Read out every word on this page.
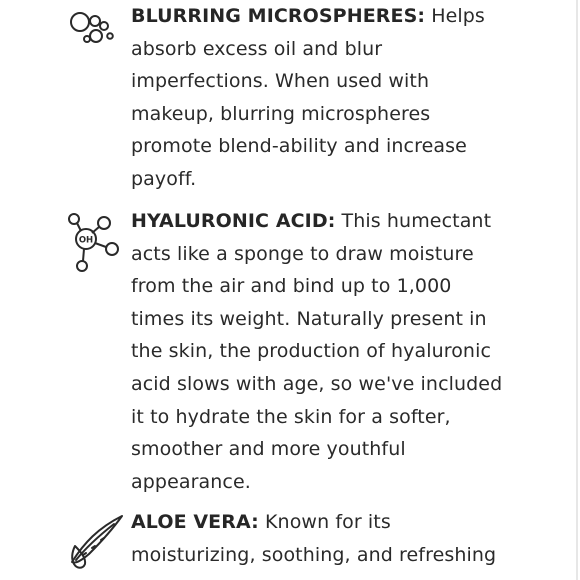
BLURRING MICROSPHERES: Helps absorb excess oil and blur imperfections. When used with makeup, blurring microspheres promote blend-ability and increase payoff.

OH

HYALURONIC ACID: This humectant acts like a sponge to draw moisture from the air and bind up to 1,000 times its weight. Naturally present in the skin, the production of hyaluronic acid slows with age, so we've included it to hydrate the skin for a softer, smoother and more youthful appearance.

ALOE VERA: Known for its moisturizing, soothing, and refreshing
